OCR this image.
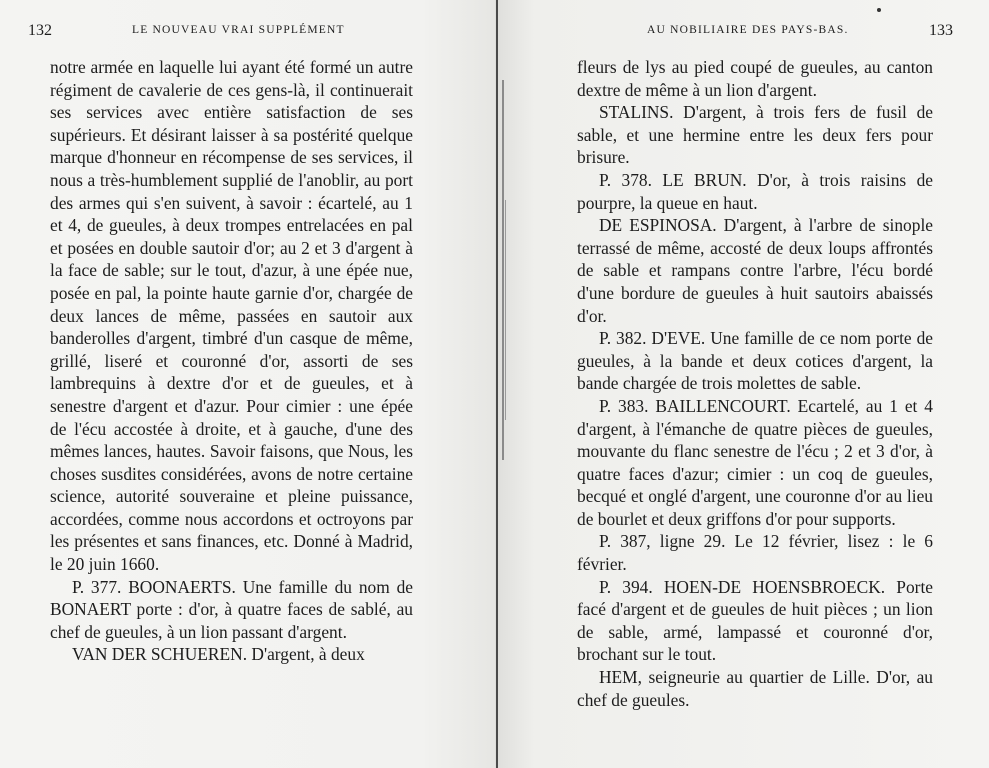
132	LE NOUVEAU VRAI SUPPLÉMENT

notre armée en laquelle lui ayant été formé un autre régiment de cavalerie de ces gens-là, il continuerait ses services avec entière satisfaction de ses supérieurs. Et désirant laisser à sa postérité quelque marque d'honneur en récompense de ses services, il nous a très-humblement supplié de l'anoblir, au port des armes qui s'en suivent, à savoir : écartelé, au 1 et 4, de gueules, à deux trompes entrelacées en pal et posées en double sautoir d'or; au 2 et 3 d'argent à la face de sable; sur le tout, d'azur, à une épée nue, posée en pal, la pointe haute garnie d'or, chargée de deux lances de même, passées en sautoir aux banderolles d'argent, timbré d'un casque de même, grillé, liseré et couronné d'or, assorti de ses lambrequins à dextre d'or et de gueules, et à senestre d'argent et d'azur. Pour cimier : une épée de l'écu accostée à droite, et à gauche, d'une des mêmes lances, hautes. Savoir faisons, que Nous, les choses susdites considérées, avons de notre certaine science, autorité souveraine et pleine puissance, accordées, comme nous accordons et octroyons par les présentes et sans finances, etc. Donné à Madrid, le 20 juin 1660.

P. 377. BOONAERTS. Une famille du nom de BONAERT porte : d'or, à quatre faces de sablé, au chef de gueules, à un lion passant d'argent.

VAN DER SCHUEREN. D'argent, à deux

AU NOBILIAIRE DES PAYS-BAS.	133

fleurs de lys au pied coupé de gueules, au canton dextre de même à un lion d'argent.

STALINS. D'argent, à trois fers de fusil de sable, et une hermine entre les deux fers pour brisure.

P. 378. LE BRUN. D'or, à trois raisins de pourpre, la queue en haut.

DE ESPINOSA. D'argent, à l'arbre de sinople terrassé de même, accosté de deux loups affrontés de sable et rampans contre l'arbre, l'écu bordé d'une bordure de gueules à huit sautoirs abaissés d'or.

P. 382. D'EVE. Une famille de ce nom porte de gueules, à la bande et deux cotices d'argent, la bande chargée de trois molettes de sable.

P. 383. BAILLENCOURT. Ecartelé, au 1 et 4 d'argent, à l'émanche de quatre pièces de gueules, mouvante du flanc senestre de l'écu ; 2 et 3 d'or, à quatre faces d'azur; cimier : un coq de gueules, becqué et onglé d'argent, une couronne d'or au lieu de bourlet et deux griffons d'or pour supports.

P. 387, ligne 29. Le 12 février, lisez : le 6 février.

P. 394. HOEN-DE HOENSBROECK. Porte facé d'argent et de gueules de huit pièces ; un lion de sable, armé, lampassé et couronné d'or, brochant sur le tout.

HEM, seigneurie au quartier de Lille. D'or, au chef de gueules.
